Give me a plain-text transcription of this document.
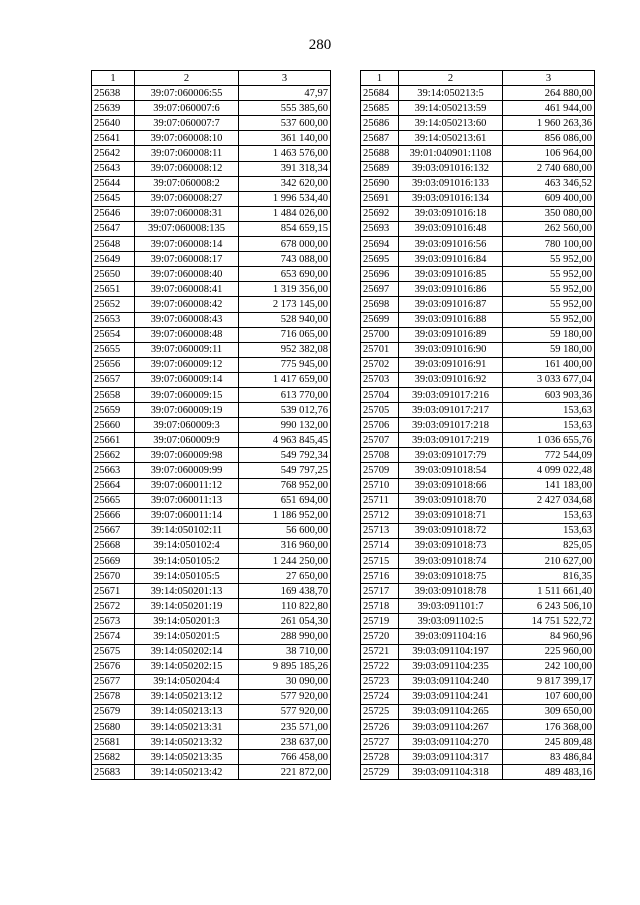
280
1	2	3
25638	39:07:060006:55	47,97
25639	39:07:060007:6	555 385,60
25640	39:07:060007:7	537 600,00
25641	39:07:060008:10	361 140,00
25642	39:07:060008:11	1 463 576,00
25643	39:07:060008:12	391 318,34
25644	39:07:060008:2	342 620,00
25645	39:07:060008:27	1 996 534,40
25646	39:07:060008:31	1 484 026,00
25647	39:07:060008:135	854 659,15
25648	39:07:060008:14	678 000,00
25649	39:07:060008:17	743 088,00
25650	39:07:060008:40	653 690,00
25651	39:07:060008:41	1 319 356,00
25652	39:07:060008:42	2 173 145,00
25653	39:07:060008:43	528 940,00
25654	39:07:060008:48	716 065,00
25655	39:07:060009:11	952 382,08
25656	39:07:060009:12	775 945,00
25657	39:07:060009:14	1 417 659,00
25658	39:07:060009:15	613 770,00
25659	39:07:060009:19	539 012,76
25660	39:07:060009:3	990 132,00
25661	39:07:060009:9	4 963 845,45
25662	39:07:060009:98	549 792,34
25663	39:07:060009:99	549 797,25
25664	39:07:060011:12	768 952,00
25665	39:07:060011:13	651 694,00
25666	39:07:060011:14	1 186 952,00
25667	39:14:050102:11	56 600,00
25668	39:14:050102:4	316 960,00
25669	39:14:050105:2	1 244 250,00
25670	39:14:050105:5	27 650,00
25671	39:14:050201:13	169 438,70
25672	39:14:050201:19	110 822,80
25673	39:14:050201:3	261 054,30
25674	39:14:050201:5	288 990,00
25675	39:14:050202:14	38 710,00
25676	39:14:050202:15	9 895 185,26
25677	39:14:050204:4	30 090,00
25678	39:14:050213:12	577 920,00
25679	39:14:050213:13	577 920,00
25680	39:14:050213:31	235 571,00
25681	39:14:050213:32	238 637,00
25682	39:14:050213:35	766 458,00
25683	39:14:050213:42	221 872,00
1	2	3
25684	39:14:050213:5	264 880,00
25685	39:14:050213:59	461 944,00
25686	39:14:050213:60	1 960 263,36
25687	39:14:050213:61	856 086,00
25688	39:01:040901:1108	106 964,00
25689	39:03:091016:132	2 740 680,00
25690	39:03:091016:133	463 346,52
25691	39:03:091016:134	609 400,00
25692	39:03:091016:18	350 080,00
25693	39:03:091016:48	262 560,00
25694	39:03:091016:56	780 100,00
25695	39:03:091016:84	55 952,00
25696	39:03:091016:85	55 952,00
25697	39:03:091016:86	55 952,00
25698	39:03:091016:87	55 952,00
25699	39:03:091016:88	55 952,00
25700	39:03:091016:89	59 180,00
25701	39:03:091016:90	59 180,00
25702	39:03:091016:91	161 400,00
25703	39:03:091016:92	3 033 677,04
25704	39:03:091017:216	603 903,36
25705	39:03:091017:217	153,63
25706	39:03:091017:218	153,63
25707	39:03:091017:219	1 036 655,76
25708	39:03:091017:79	772 544,09
25709	39:03:091018:54	4 099 022,48
25710	39:03:091018:66	141 183,00
25711	39:03:091018:70	2 427 034,68
25712	39:03:091018:71	153,63
25713	39:03:091018:72	153,63
25714	39:03:091018:73	825,05
25715	39:03:091018:74	210 627,00
25716	39:03:091018:75	816,35
25717	39:03:091018:78	1 511 661,40
25718	39:03:091101:7	6 243 506,10
25719	39:03:091102:5	14 751 522,72
25720	39:03:091104:16	84 960,96
25721	39:03:091104:197	225 960,00
25722	39:03:091104:235	242 100,00
25723	39:03:091104:240	9 817 399,17
25724	39:03:091104:241	107 600,00
25725	39:03:091104:265	309 650,00
25726	39:03:091104:267	176 368,00
25727	39:03:091104:270	245 809,48
25728	39:03:091104:317	83 486,84
25729	39:03:091104:318	489 483,16
